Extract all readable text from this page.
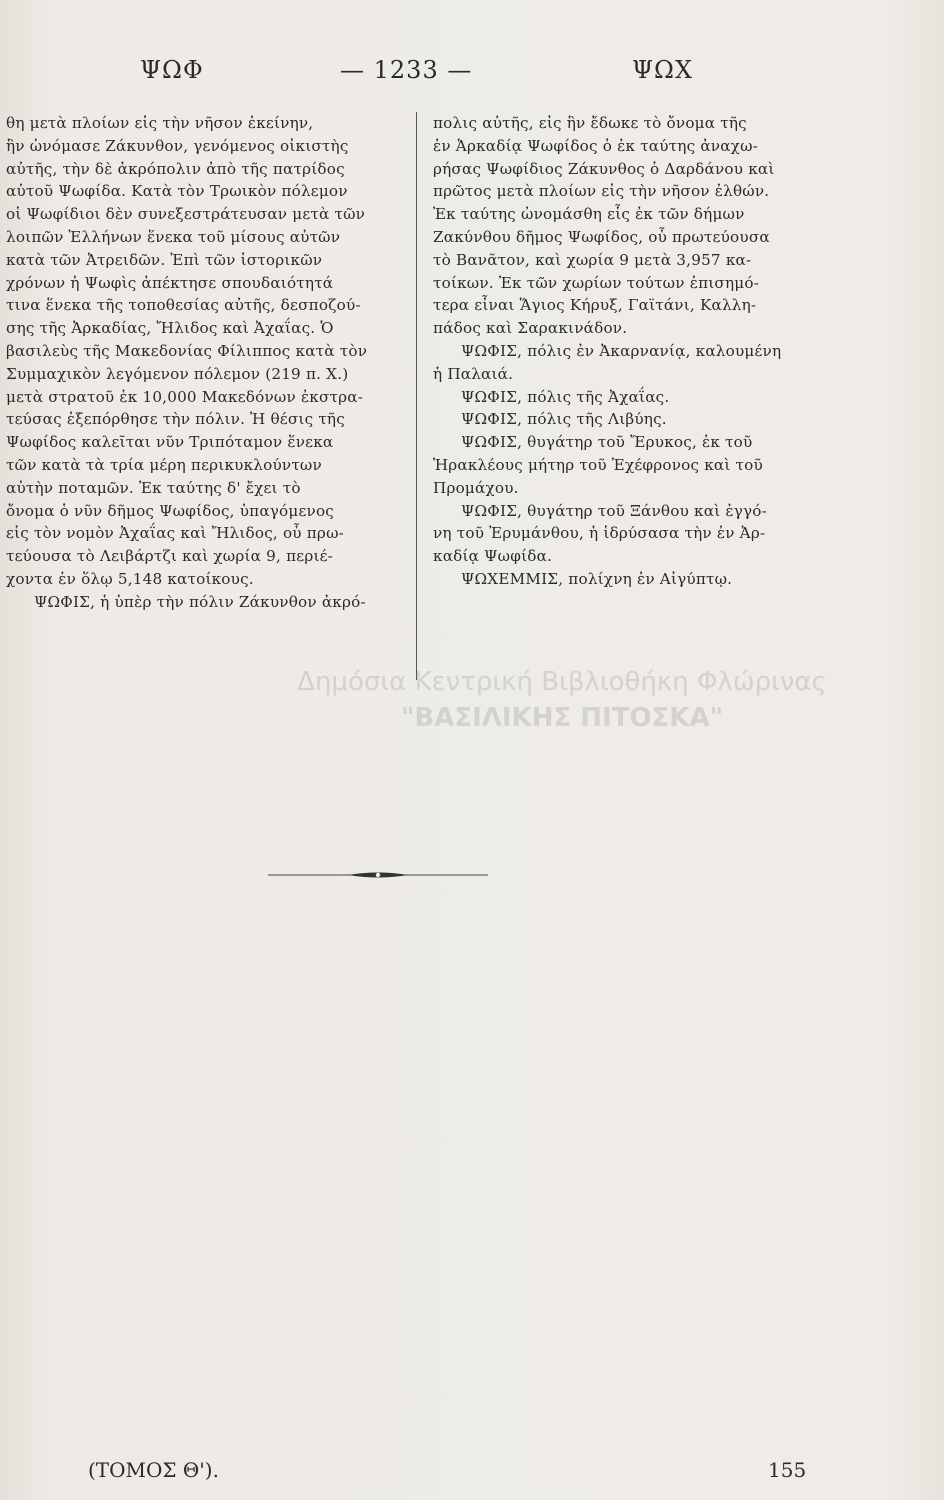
ΨΩΦ	— 1233 —	ΨΩΧ
θη μετὰ πλοίων εἰς τὴν νῆσον ἐκείνην,
ἣν ὠνόμασε Ζάκυνθον, γενόμενος οἰκιστὴς
αὐτῆς, τὴν δὲ ἀκρόπολιν ἀπὸ τῆς πατρίδος
αὐτοῦ Ψωφίδα. Κατὰ τὸν Τρωικὸν πόλεμον
οἱ Ψωφίδιοι δὲν συνεξεστράτευσαν μετὰ τῶν
λοιπῶν Ἑλλήνων ἕνεκα τοῦ μίσους αὐτῶν
κατὰ τῶν Ἀτρειδῶν. Ἐπὶ τῶν ἱστορικῶν
χρόνων ἡ Ψωφὶς ἀπέκτησε σπουδαιότητά
τινα ἕνεκα τῆς τοποθεσίας αὐτῆς, δεσποζού-
σης τῆς Ἀρκαδίας, Ἤλιδος καὶ Ἀχαΐας. Ὁ
βασιλεὺς τῆς Μακεδονίας Φίλιππος κατὰ τὸν
Συμμαχικὸν λεγόμενον πόλεμον (219 π. Χ.)
μετὰ στρατοῦ ἐκ 10,000 Μακεδόνων ἐκστρα-
τεύσας ἐξεπόρθησε τὴν πόλιν. Ἡ θέσις τῆς
Ψωφίδος καλεῖται νῦν Τριπόταμον ἕνεκα
τῶν κατὰ τὰ τρία μέρη περικυκλούντων
αὐτὴν ποταμῶν. Ἐκ ταύτης δ' ἔχει τὸ
ὄνομα ὁ νῦν δῆμος Ψωφίδος, ὑπαγόμενος
εἰς τὸν νομὸν Ἀχαΐας καὶ Ἤλιδος, οὗ πρω-
τεύουσα τὸ Λειβάρτζι καὶ χωρία 9, περιέ-
χοντα ἐν ὅλῳ 5,148 κατοίκους.
ΨΩΦΙΣ, ἡ ὑπὲρ τὴν πόλιν Ζάκυνθον ἀκρό-
πολις αὐτῆς, εἰς ἣν ἔδωκε τὸ ὄνομα τῆς
ἐν Ἀρκαδίᾳ Ψωφίδος ὁ ἐκ ταύτης ἀναχω-
ρήσας Ψωφίδιος Ζάκυνθος ὁ Δαρδάνου καὶ
πρῶτος μετὰ πλοίων εἰς τὴν νῆσον ἐλθών.
Ἐκ ταύτης ὠνομάσθη εἷς ἐκ τῶν δήμων
Ζακύνθου δῆμος Ψωφίδος, οὗ πρωτεύουσα
τὸ Βανᾶτον, καὶ χωρία 9 μετὰ 3,957 κα-
τοίκων. Ἐκ τῶν χωρίων τούτων ἐπισημό-
τερα εἶναι Ἅγιος Κήρυξ, Γαϊτάνι, Καλλη-
πάδος καὶ Σαρακινάδον.
ΨΩΦΙΣ, πόλις ἐν Ἀκαρνανίᾳ, καλουμένη
ἡ Παλαιά.
ΨΩΦΙΣ, πόλις τῆς Ἀχαΐας.
ΨΩΦΙΣ, πόλις τῆς Λιβύης.
ΨΩΦΙΣ, θυγάτηρ τοῦ Ἔρυκος, ἐκ τοῦ
Ἡρακλέους μήτηρ τοῦ Ἐχέφρονος καὶ τοῦ
Προμάχου.
ΨΩΦΙΣ, θυγάτηρ τοῦ Ξάνθου καὶ ἐγγό-
νη τοῦ Ἐρυμάνθου, ἡ ἱδρύσασα τὴν ἐν Ἀρ-
καδίᾳ Ψωφίδα.
ΨΩΧΕΜΜΙΣ, πολίχνη ἐν Αἰγύπτῳ.
Δημόσια Κεντρική Βιβλιοθήκη Φλώρινας
"ΒΑΣΙΛΙΚΗΣ ΠΙΤΟΣΚΑ"
(ΤΟΜΟΣ Θ').	155
